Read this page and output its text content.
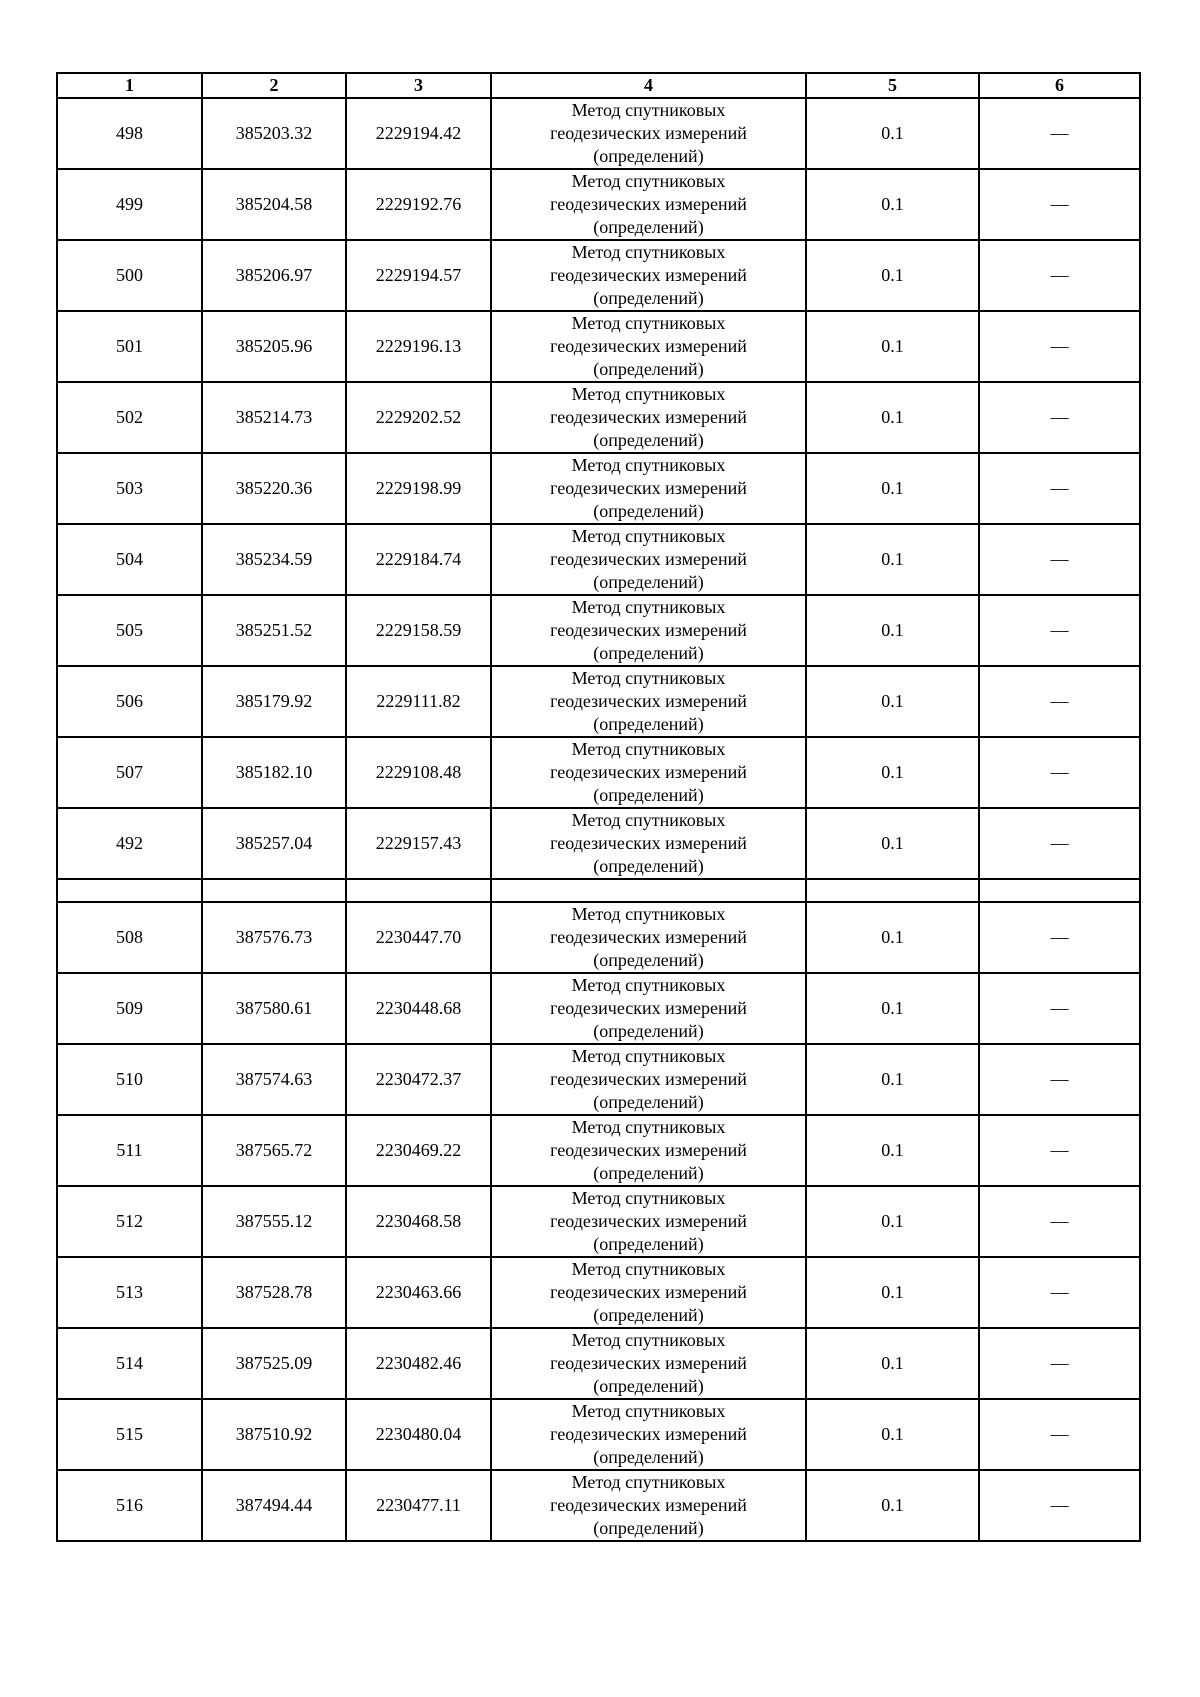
1	2	3	4	5	6
498	385203.32	2229194.42	Метод спутниковых
геодезических измерений
(определений)	0.1	—
499	385204.58	2229192.76	Метод спутниковых
геодезических измерений
(определений)	0.1	—
500	385206.97	2229194.57	Метод спутниковых
геодезических измерений
(определений)	0.1	—
501	385205.96	2229196.13	Метод спутниковых
геодезических измерений
(определений)	0.1	—
502	385214.73	2229202.52	Метод спутниковых
геодезических измерений
(определений)	0.1	—
503	385220.36	2229198.99	Метод спутниковых
геодезических измерений
(определений)	0.1	—
504	385234.59	2229184.74	Метод спутниковых
геодезических измерений
(определений)	0.1	—
505	385251.52	2229158.59	Метод спутниковых
геодезических измерений
(определений)	0.1	—
506	385179.92	2229111.82	Метод спутниковых
геодезических измерений
(определений)	0.1	—
507	385182.10	2229108.48	Метод спутниковых
геодезических измерений
(определений)	0.1	—
492	385257.04	2229157.43	Метод спутниковых
геодезических измерений
(определений)	0.1	—

508	387576.73	2230447.70	Метод спутниковых
геодезических измерений
(определений)	0.1	—
509	387580.61	2230448.68	Метод спутниковых
геодезических измерений
(определений)	0.1	—
510	387574.63	2230472.37	Метод спутниковых
геодезических измерений
(определений)	0.1	—
511	387565.72	2230469.22	Метод спутниковых
геодезических измерений
(определений)	0.1	—
512	387555.12	2230468.58	Метод спутниковых
геодезических измерений
(определений)	0.1	—
513	387528.78	2230463.66	Метод спутниковых
геодезических измерений
(определений)	0.1	—
514	387525.09	2230482.46	Метод спутниковых
геодезических измерений
(определений)	0.1	—
515	387510.92	2230480.04	Метод спутниковых
геодезических измерений
(определений)	0.1	—
516	387494.44	2230477.11	Метод спутниковых
геодезических измерений
(определений)	0.1	—
